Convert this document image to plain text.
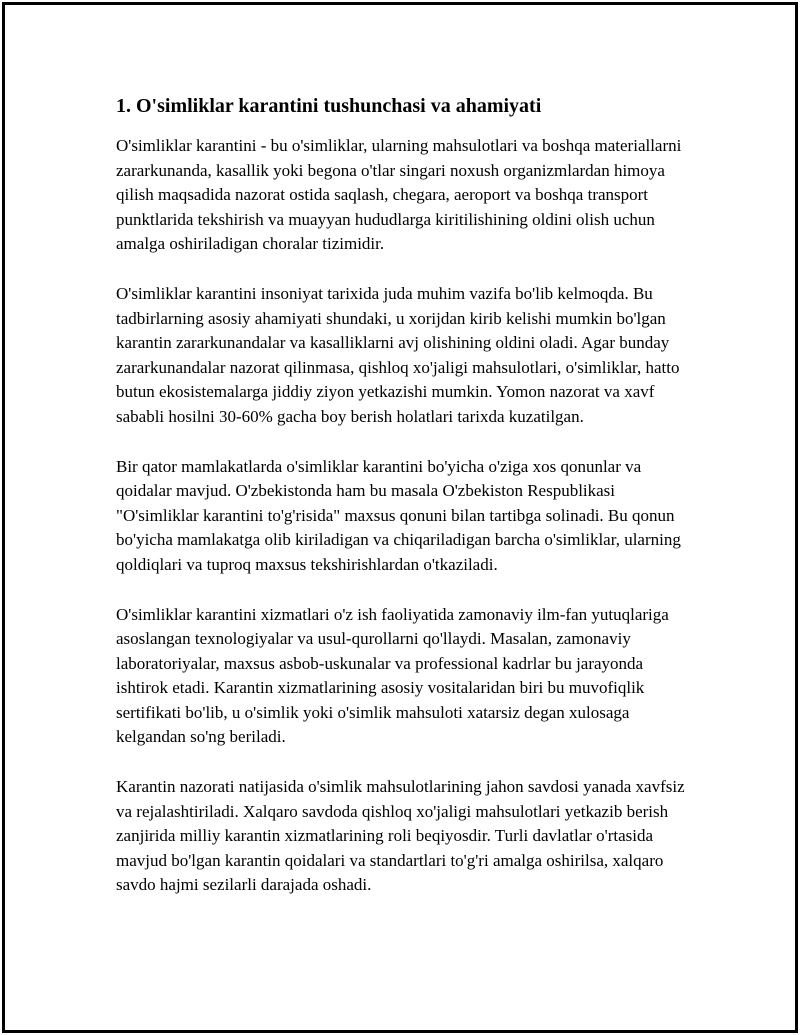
1. O'simliklar karantini tushunchasi va ahamiyati

O'simliklar karantini - bu o'simliklar, ularning mahsulotlari va boshqa materiallarni zararkunanda, kasallik yoki begona o'tlar singari noxush organizmlardan himoya qilish maqsadida nazorat ostida saqlash, chegara, aeroport va boshqa transport punktlarida tekshirish va muayyan hududlarga kiritilishining oldini olish uchun amalga oshiriladigan choralar tizimidir.

O'simliklar karantini insoniyat tarixida juda muhim vazifa bo'lib kelmoqda. Bu tadbirlarning asosiy ahamiyati shundaki, u xorijdan kirib kelishi mumkin bo'lgan karantin zararkunandalar va kasalliklarni avj olishining oldini oladi. Agar bunday zararkunandalar nazorat qilinmasa, qishloq xo'jaligi mahsulotlari, o'simliklar, hatto butun ekosistemalarga jiddiy ziyon yetkazishi mumkin. Yomon nazorat va xavf sababli hosilni 30-60% gacha boy berish holatlari tarixda kuzatilgan.

Bir qator mamlakatlarda o'simliklar karantini bo'yicha o'ziga xos qonunlar va qoidalar mavjud. O'zbekistonda ham bu masala O'zbekiston Respublikasi "O'simliklar karantini to'g'risida" maxsus qonuni bilan tartibga solinadi. Bu qonun bo'yicha mamlakatga olib kiriladigan va chiqariladigan barcha o'simliklar, ularning qoldiqlari va tuproq maxsus tekshirishlardan o'tkaziladi.

O'simliklar karantini xizmatlari o'z ish faoliyatida zamonaviy ilm-fan yutuqlariga asoslangan texnologiyalar va usul-qurollarni qo'llaydi. Masalan, zamonaviy laboratoriyalar, maxsus asbob-uskunalar va professional kadrlar bu jarayonda ishtirok etadi. Karantin xizmatlarining asosiy vositalaridan biri bu muvofiqlik sertifikati bo'lib, u o'simlik yoki o'simlik mahsuloti xatarsiz degan xulosaga kelgandan so'ng beriladi.

Karantin nazorati natijasida o'simlik mahsulotlarining jahon savdosi yanada xavfsiz va rejalashtiriladi. Xalqaro savdoda qishloq xo'jaligi mahsulotlari yetkazib berish zanjirida milliy karantin xizmatlarining roli beqiyosdir. Turli davlatlar o'rtasida mavjud bo'lgan karantin qoidalari va standartlari to'g'ri amalga oshirilsa, xalqaro savdo hajmi sezilarli darajada oshadi.
